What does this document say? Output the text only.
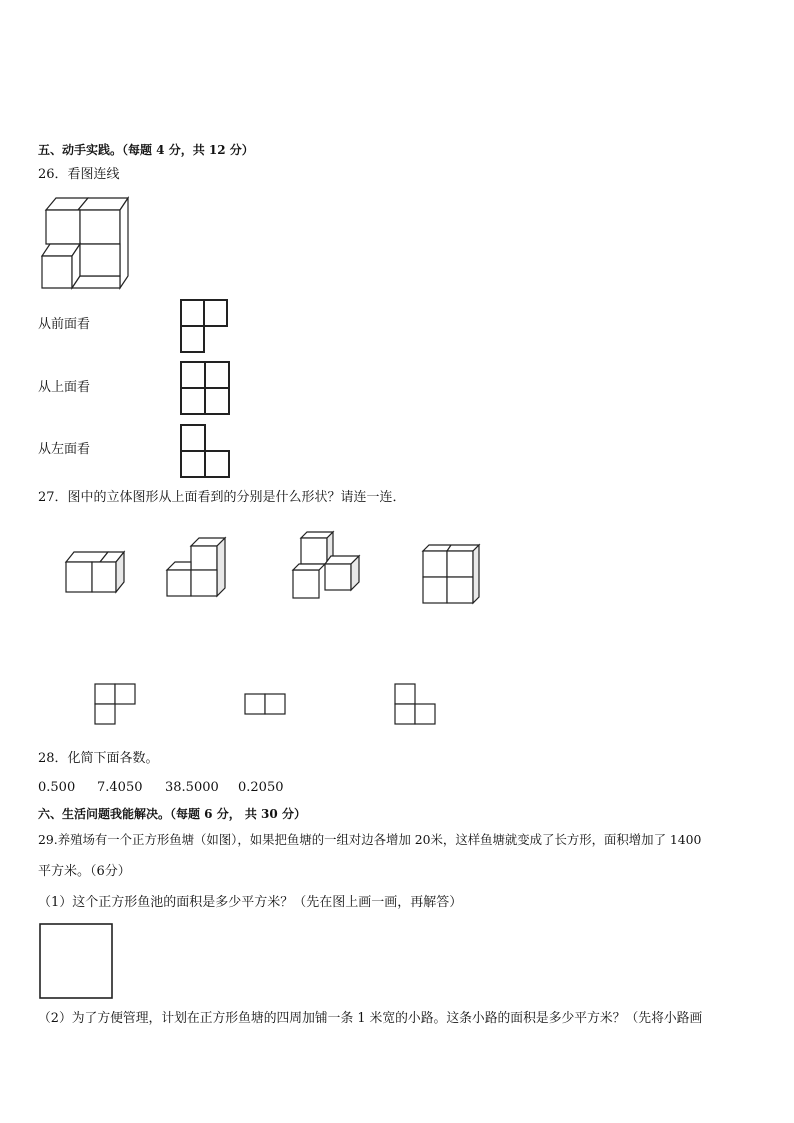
五、动手实践。（每题 4 分，共 12 分）
26．看图连线
从前面看
从上面看
从左面看
27．图中的立体图形从上面看到的分别是什么形状？请连一连．
28．化简下面各数。
0.500 7.4050 38.5000 0.2050
六、生活问题我能解决。（每题 6 分， 共 30 分）
29.养殖场有一个正方形鱼塘（如图），如果把鱼塘的一组对边各增加 20米，这样鱼塘就变成了长方形，面积增加了 1400
平方米。（6分）
（1）这个正方形鱼池的面积是多少平方米？（先在图上画一画，再解答）
（2）为了方便管理，计划在正方形鱼塘的四周加铺一条 1 米宽的小路。这条小路的面积是多少平方米？（先将小路画
